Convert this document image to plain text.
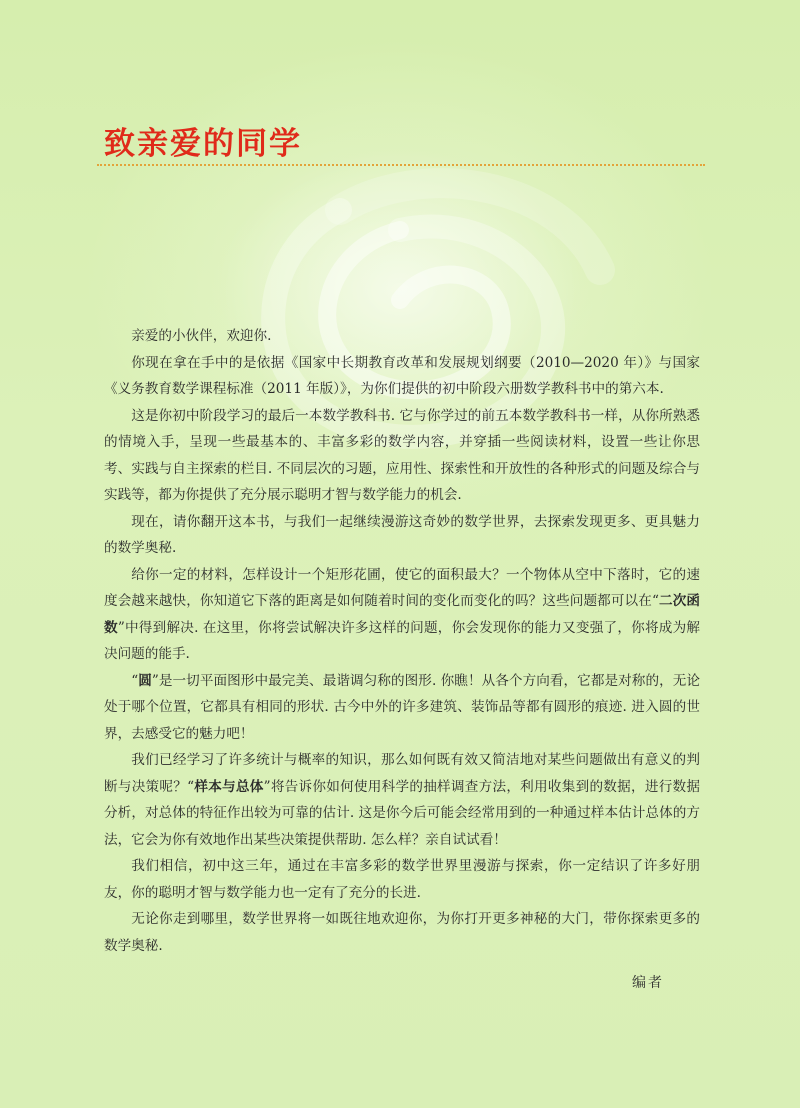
致亲爱的同学

亲爱的小伙伴，欢迎你.

你现在拿在手中的是依据《国家中长期教育改革和发展规划纲要（2010—2020 年）》与国家《义务教育数学课程标准（2011 年版）》，为你们提供的初中阶段六册数学教科书中的第六本.

这是你初中阶段学习的最后一本数学教科书. 它与你学过的前五本数学教科书一样，从你所熟悉的情境入手，呈现一些最基本的、丰富多彩的数学内容，并穿插一些阅读材料，设置一些让你思考、实践与自主探索的栏目. 不同层次的习题，应用性、探索性和开放性的各种形式的问题及综合与实践等，都为你提供了充分展示聪明才智与数学能力的机会.

现在，请你翻开这本书，与我们一起继续漫游这奇妙的数学世界，去探索发现更多、更具魅力的数学奥秘.

给你一定的材料，怎样设计一个矩形花圃，使它的面积最大？一个物体从空中下落时，它的速度会越来越快，你知道它下落的距离是如何随着时间的变化而变化的吗？这些问题都可以在“二次函数”中得到解决. 在这里，你将尝试解决许多这样的问题，你会发现你的能力又变强了，你将成为解决问题的能手.

“圆”是一切平面图形中最完美、最谐调匀称的图形. 你瞧！从各个方向看，它都是对称的，无论处于哪个位置，它都具有相同的形状. 古今中外的许多建筑、装饰品等都有圆形的痕迹. 进入圆的世界，去感受它的魅力吧！

我们已经学习了许多统计与概率的知识，那么如何既有效又简洁地对某些问题做出有意义的判断与决策呢？“样本与总体”将告诉你如何使用科学的抽样调查方法，利用收集到的数据，进行数据分析，对总体的特征作出较为可靠的估计. 这是你今后可能会经常用到的一种通过样本估计总体的方法，它会为你有效地作出某些决策提供帮助. 怎么样？亲自试试看！

我们相信，初中这三年，通过在丰富多彩的数学世界里漫游与探索，你一定结识了许多好朋友，你的聪明才智与数学能力也一定有了充分的长进.

无论你走到哪里，数学世界将一如既往地欢迎你，为你打开更多神秘的大门，带你探索更多的数学奥秘.

编者
